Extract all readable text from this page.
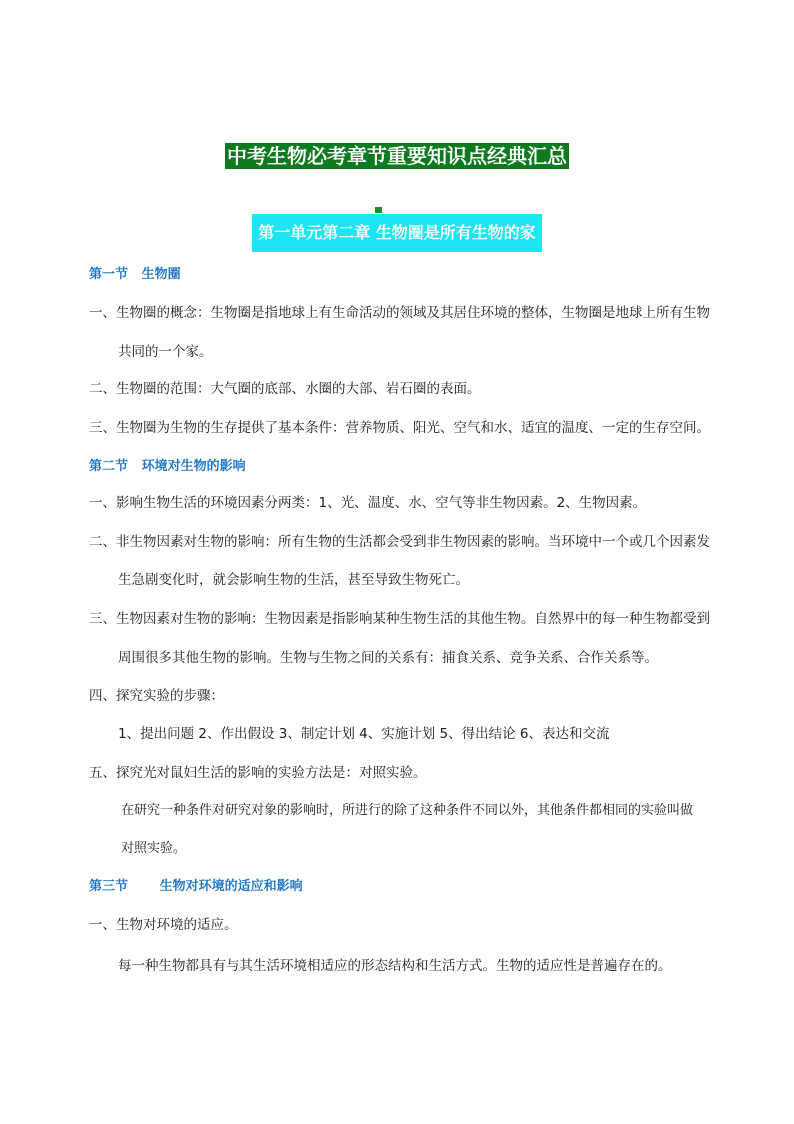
中考生物必考章节重要知识点经典汇总
第一单元第二章 生物圈是所有生物的家
第一节   生物圈
一、生物圈的概念：生物圈是指地球上有生命活动的领域及其居住环境的整体，生物圈是地球上所有生物
共同的一个家。
二、生物圈的范围：大气圈的底部、水圈的大部、岩石圈的表面。
三、生物圈为生物的生存提供了基本条件：营养物质、阳光、空气和水、适宜的温度、一定的生存空间。
第二节   环境对生物的影响
一、影响生物生活的环境因素分两类：1、光、温度、水、空气等非生物因素。2、生物因素。
二、非生物因素对生物的影响：所有生物的生活都会受到非生物因素的影响。当环境中一个或几个因素发
生急剧变化时，就会影响生物的生活，甚至导致生物死亡。
三、生物因素对生物的影响：生物因素是指影响某种生物生活的其他生物。自然界中的每一种生物都受到
周围很多其他生物的影响。生物与生物之间的关系有：捕食关系、竞争关系、合作关系等。
四、探究实验的步骤：
1、提出问题 2、作出假设 3、制定计划 4、实施计划 5、得出结论 6、表达和交流
五、探究光对鼠妇生活的影响的实验方法是：对照实验。
在研究一种条件对研究对象的影响时，所进行的除了这种条件不同以外，其他条件都相同的实验叫做
对照实验。
第三节       生物对环境的适应和影响
一、生物对环境的适应。
每一种生物都具有与其生活环境相适应的形态结构和生活方式。生物的适应性是普遍存在的。
